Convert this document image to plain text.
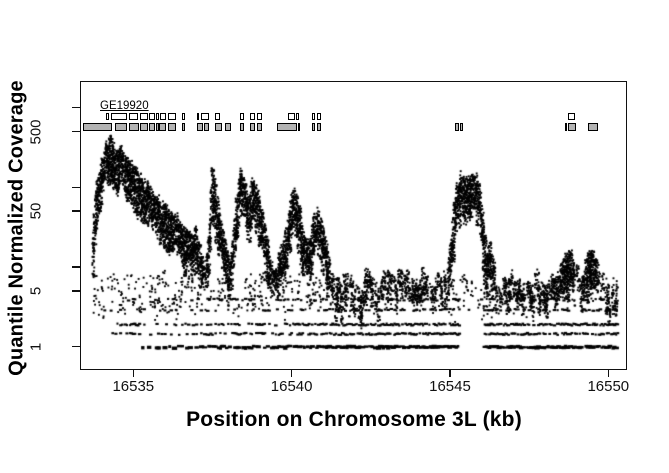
16535	16540	16545	16550
500
50
5
1
GE19920
Position on Chromosome 3L (kb)
Quantile Normalized Coverage
